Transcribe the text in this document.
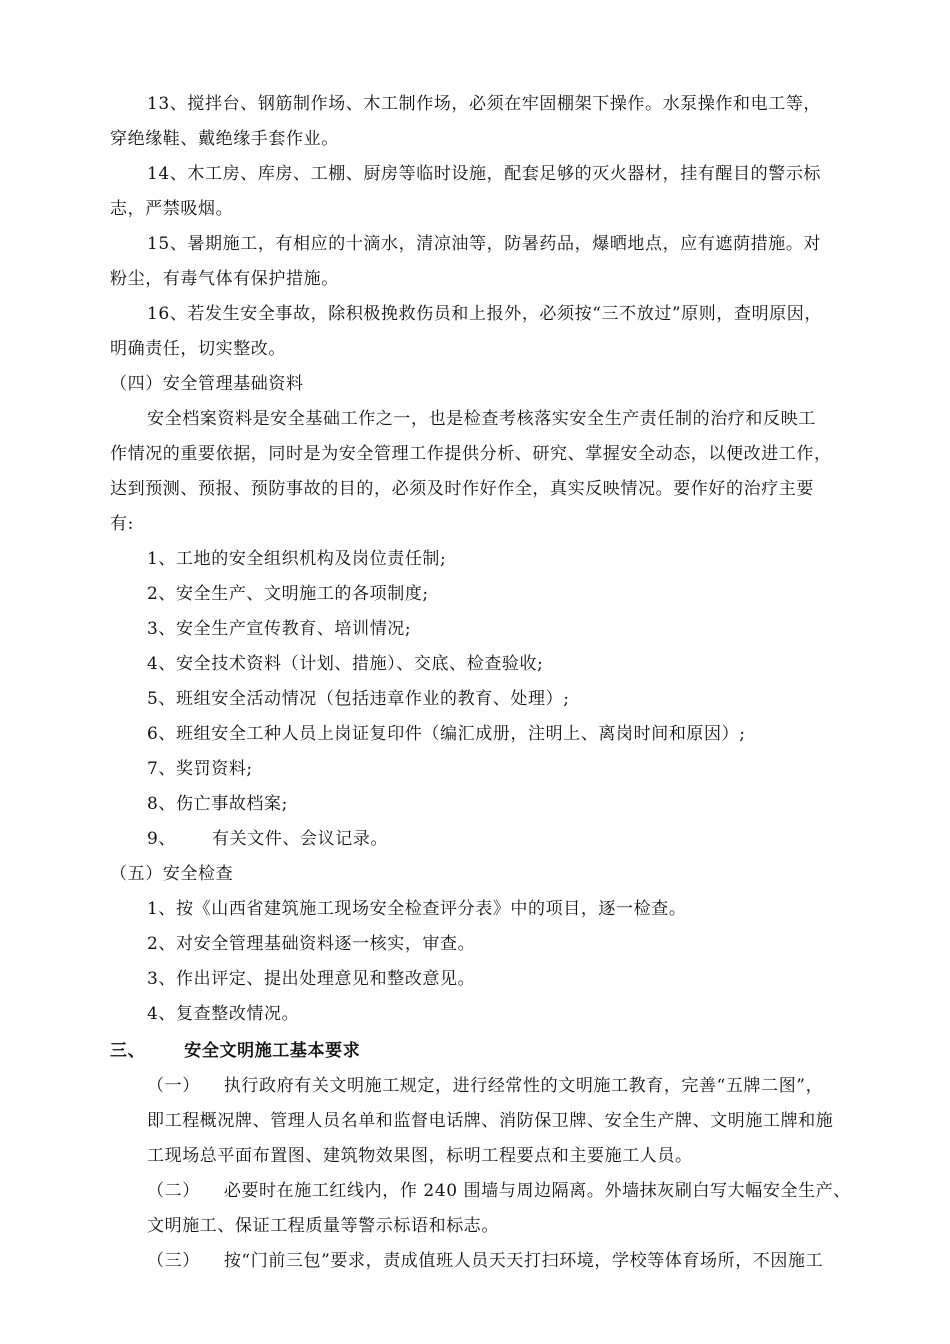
13、搅拌台、钢筋制作场、木工制作场，必须在牢固棚架下操作。水泵操作和电工等，
穿绝缘鞋、戴绝缘手套作业。
14、木工房、库房、工棚、厨房等临时设施，配套足够的灭火器材，挂有醒目的警示标
志，严禁吸烟。
15、暑期施工，有相应的十滴水，清凉油等，防暑药品，爆晒地点，应有遮荫措施。对
粉尘，有毒气体有保护措施。
16、若发生安全事故，除积极挽救伤员和上报外，必须按“三不放过”原则，查明原因，
明确责任，切实整改。
（四）安全管理基础资料
安全档案资料是安全基础工作之一，也是检查考核落实安全生产责任制的治疗和反映工
作情况的重要依据，同时是为安全管理工作提供分析、研究、掌握安全动态，以便改进工作，
达到预测、预报、预防事故的目的，必须及时作好作全，真实反映情况。要作好的治疗主要
有:
1、工地的安全组织机构及岗位责任制;
2、安全生产、文明施工的各项制度;
3、安全生产宣传教育、培训情况;
4、安全技术资料（计划、措施）、交底、检查验收;
5、班组安全活动情况（包括违章作业的教育、处理）;
6、班组安全工种人员上岗证复印件（编汇成册，注明上、离岗时间和原因）;
7、奖罚资料;
8、伤亡事故档案;
9、      有关文件、会议记录。
（五）安全检查
1、按《山西省建筑施工现场安全检查评分表》中的项目，逐一检查。
2、对安全管理基础资料逐一核实，审查。
3、作出评定、提出处理意见和整改意见。
4、复查整改情况。
三、      安全文明施工基本要求
（一）    执行政府有关文明施工规定，进行经常性的文明施工教育，完善“五牌二图”，
即工程概况牌、管理人员名单和监督电话牌、消防保卫牌、安全生产牌、文明施工牌和施
工现场总平面布置图、建筑物效果图，标明工程要点和主要施工人员。
（二）    必要时在施工红线内，作 240 围墙与周边隔离。外墙抹灰刷白写大幅安全生产、
文明施工、保证工程质量等警示标语和标志。
（三）    按“门前三包”要求，责成值班人员天天打扫环境，学校等体育场所，不因施工
